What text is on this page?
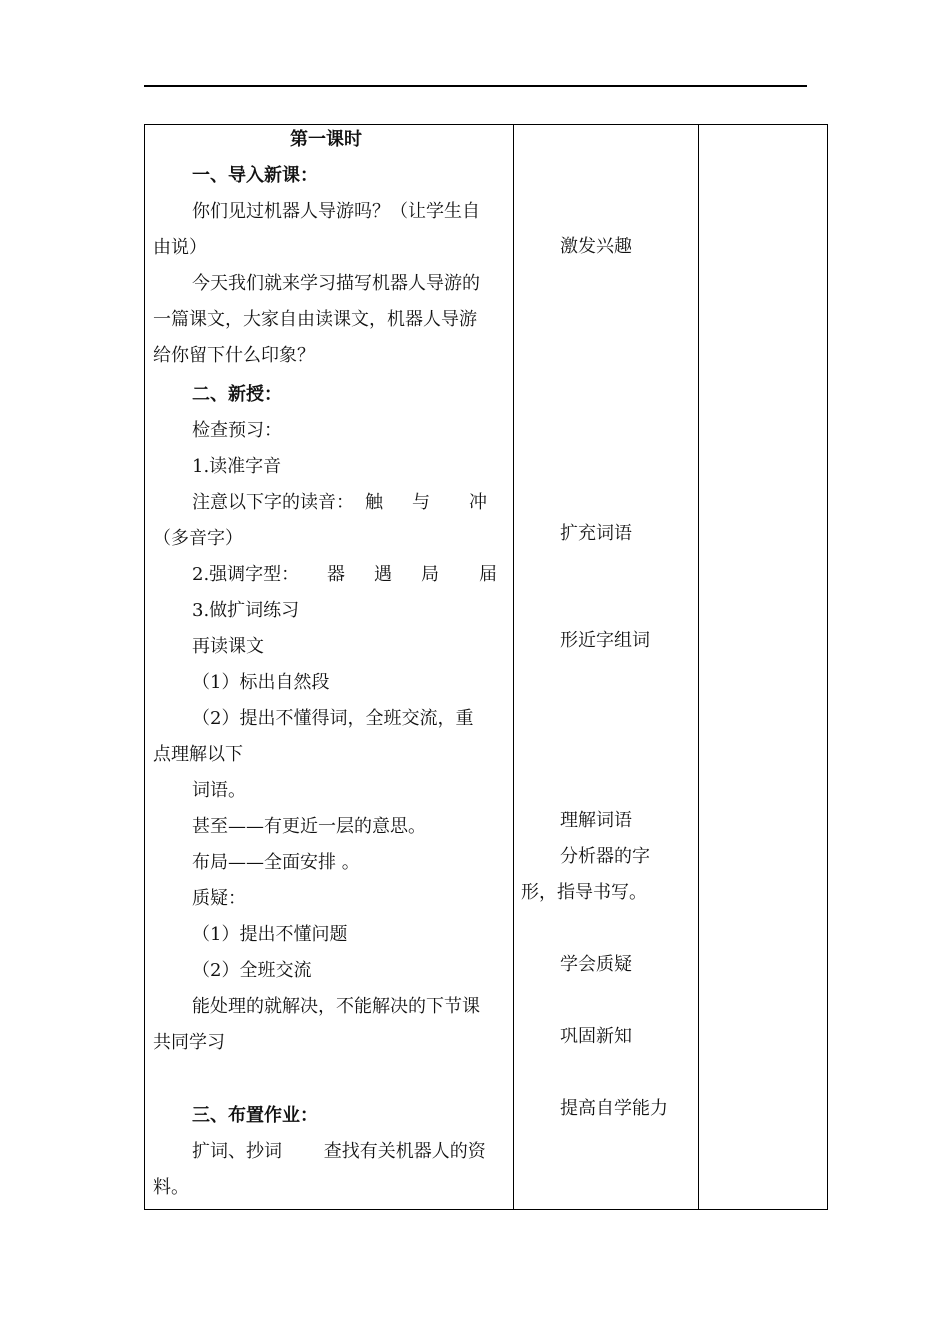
第一课时
一、导入新课：
你们见过机器人导游吗？（让学生自
由说）
今天我们就来学习描写机器人导游的
一篇课文，大家自由读课文，机器人导游
给你留下什么印象？
二、新授：
检查预习：
1.读准字音
注意以下字的读音： 触 与 冲
（多音字）
2.强调字型： 器 遇 局 届
3.做扩词练习
再读课文
（1）标出自然段
（2）提出不懂得词，全班交流，重
点理解以下
词语。
甚至——有更近一层的意思。
布局——全面安排 。
质疑：
（1）提出不懂问题
（2）全班交流
能处理的就解决，不能解决的下节课
共同学习
三、布置作业：
扩词、抄词 　　查找有关机器人的资
料。
激发兴趣
扩充词语
形近字组词
理解词语
分析器的字
形，指导书写。
学会质疑
巩固新知
提高自学能力
